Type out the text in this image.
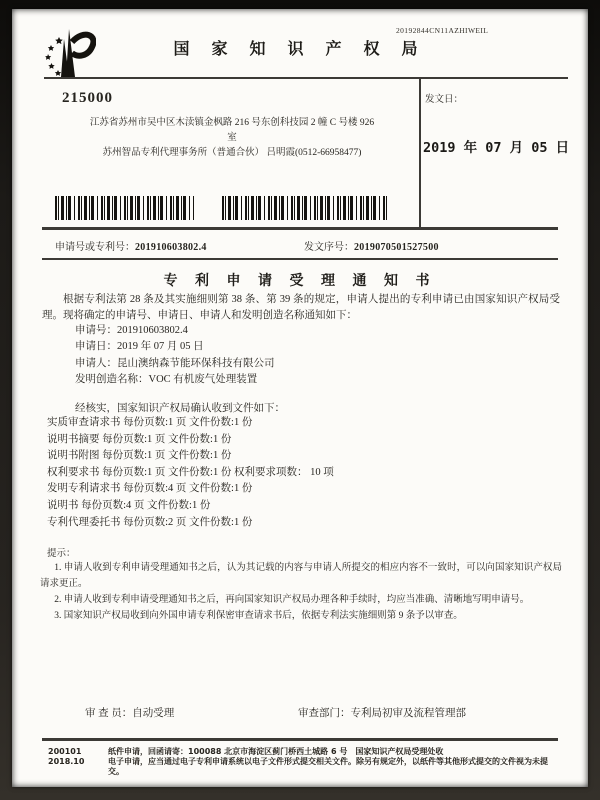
20192844CN11AZHIWEIL
国 家 知 识 产 权 局
215000
江苏省苏州市吴中区木渎镇金枫路 216 号东创科技园 2 幢 C 号楼 926
室
苏州智品专利代理事务所（普通合伙） 吕明霞(0512-66958477)
发文日：
2019 年 07 月 05 日
申请号或专利号：201910603802.4	发文序号：2019070501527500
专 利 申 请 受 理 通 知 书
根据专利法第 28 条及其实施细则第 38 条、第 39 条的规定，申请人提出的专利申请已由国家知识产权局受理。现将确定的申请号、申请日、申请人和发明创造名称通知如下：
申请号：201910603802.4
申请日：2019 年 07 月 05 日
申请人：昆山澳纳森节能环保科技有限公司
发明创造名称：VOC 有机废气处理装置
经核实，国家知识产权局确认收到文件如下：
实质审查请求书 每份页数:1 页 文件份数:1 份
说明书摘要 每份页数:1 页 文件份数:1 份
说明书附图 每份页数:1 页 文件份数:1 份
权利要求书 每份页数:1 页 文件份数:1 份 权利要求项数： 10 项
发明专利请求书 每份页数:4 页 文件份数:1 份
说明书 每份页数:4 页 文件份数:1 份
专利代理委托书 每份页数:2 页 文件份数:1 份
提示：

1. 申请人收到专利申请受理通知书之后，认为其记载的内容与申请人所提交的相应内容不一致时，可以向国家知识产权局请求更正。

2. 申请人收到专利申请受理通知书之后，再向国家知识产权局办理各种手续时，均应当准确、清晰地写明申请号。

3. 国家知识产权局收到向外国申请专利保密审查请求书后，依据专利法实施细则第 9 条予以审查。

审 查 员：自动受理	审查部门：专利局初审及流程管理部
200101	纸件申请，回函请寄：100088 北京市海淀区蓟门桥西土城路 6 号　国家知识产权局受理处收
2018.10	电子申请，应当通过电子专利申请系统以电子文件形式提交相关文件。除另有规定外，以纸件等其他形式提交的文件视为未提交。
